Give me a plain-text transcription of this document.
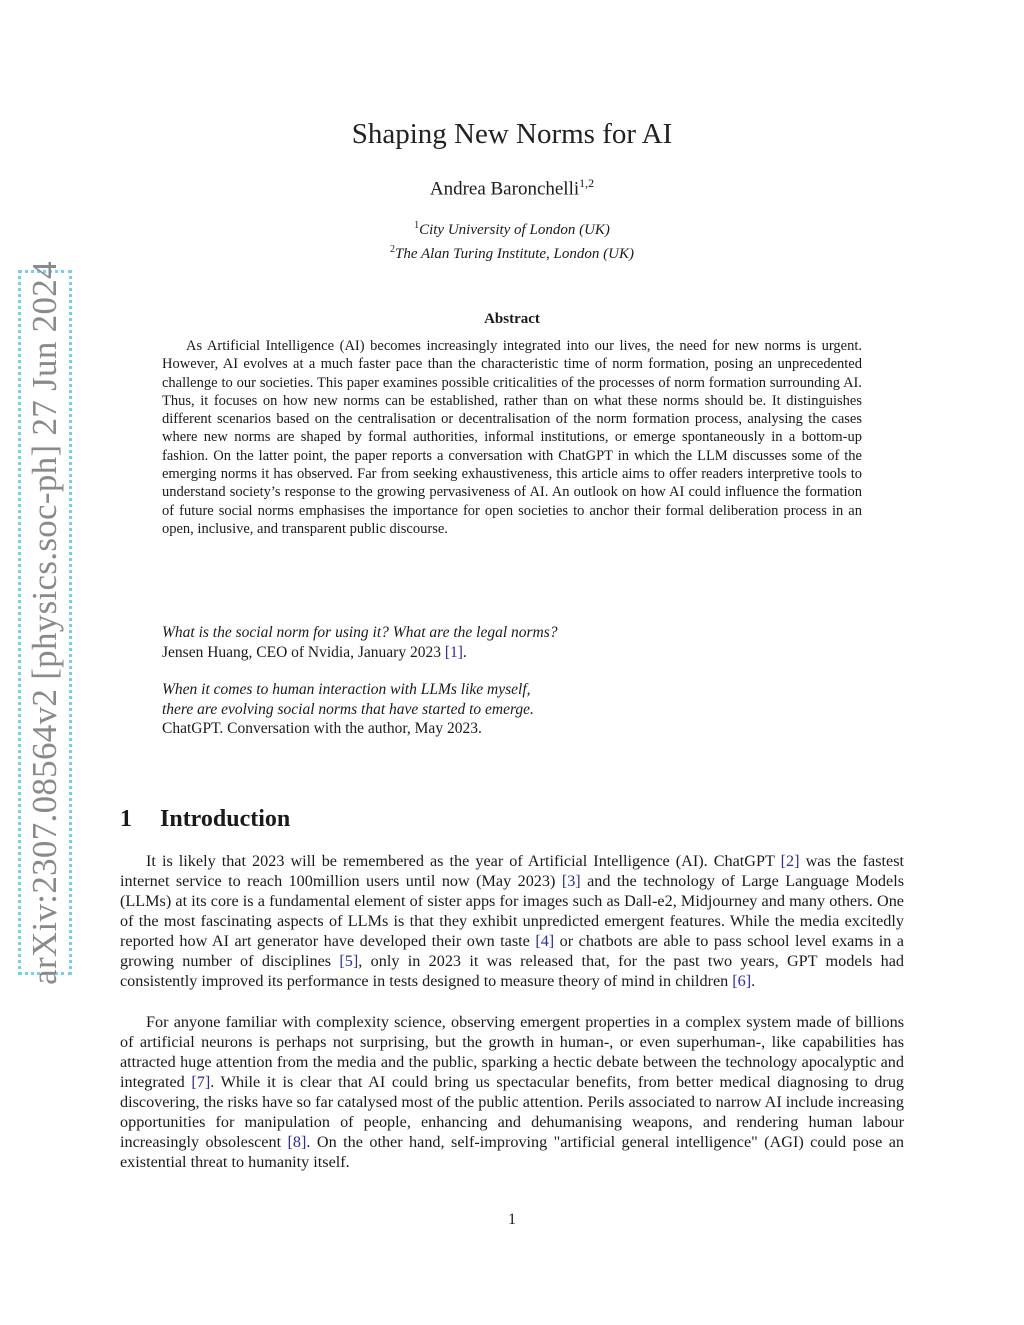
arXiv:2307.08564v2 [physics.soc-ph] 27 Jun 2024
Shaping New Norms for AI
Andrea Baronchelli$^{1,2}$
$^1$City University of London (UK)
$^2$The Alan Turing Institute, London (UK)
Abstract

As Artificial Intelligence (AI) becomes increasingly integrated into our lives, the need for new norms is urgent. However, AI evolves at a much faster pace than the characteristic time of norm formation, posing an unprecedented challenge to our societies. This paper examines possible criticalities of the processes of norm formation surrounding AI. Thus, it focuses on how new norms can be established, rather than on what these norms should be. It distinguishes different scenarios based on the centralisation or decentralisation of the norm formation process, analysing the cases where new norms are shaped by formal authorities, informal institutions, or emerge spontaneously in a bottom-up fashion. On the latter point, the paper reports a conversation with ChatGPT in which the LLM discusses some of the emerging norms it has observed. Far from seeking exhaustiveness, this article aims to offer readers interpretive tools to understand society’s response to the growing pervasiveness of AI. An outlook on how AI could influence the formation of future social norms emphasises the importance for open societies to anchor their formal deliberation process in an open, inclusive, and transparent public discourse.

What is the social norm for using it? What are the legal norms?
Jensen Huang, CEO of Nvidia, January 2023 [1].
When it comes to human interaction with LLMs like myself,
there are evolving social norms that have started to emerge.
ChatGPT. Conversation with the author, May 2023.
1 Introduction

It is likely that 2023 will be remembered as the year of Artificial Intelligence (AI). ChatGPT [2] was the fastest internet service to reach 100million users until now (May 2023) [3] and the technology of Large Language Models (LLMs) at its core is a fundamental element of sister apps for images such as Dall-e2, Midjourney and many others. One of the most fascinating aspects of LLMs is that they exhibit unpredicted emergent features. While the media excitedly reported how AI art generator have developed their own taste [4] or chatbots are able to pass school level exams in a growing number of disciplines [5], only in 2023 it was released that, for the past two years, GPT models had consistently improved its performance in tests designed to measure theory of mind in children [6].

For anyone familiar with complexity science, observing emergent properties in a complex system made of billions of artificial neurons is perhaps not surprising, but the growth in human-, or even superhuman-, like capabilities has attracted huge attention from the media and the public, sparking a hectic debate between the technology apocalyptic and integrated [7]. While it is clear that AI could bring us spectacular benefits, from better medical diagnosing to drug discovering, the risks have so far catalysed most of the public attention. Perils associated to narrow AI include increasing opportunities for manipulation of people, enhancing and dehumanising weapons, and rendering human labour increasingly obsolescent [8]. On the other hand, self-improving "artificial general intelligence" (AGI) could pose an existential threat to humanity itself.

1
